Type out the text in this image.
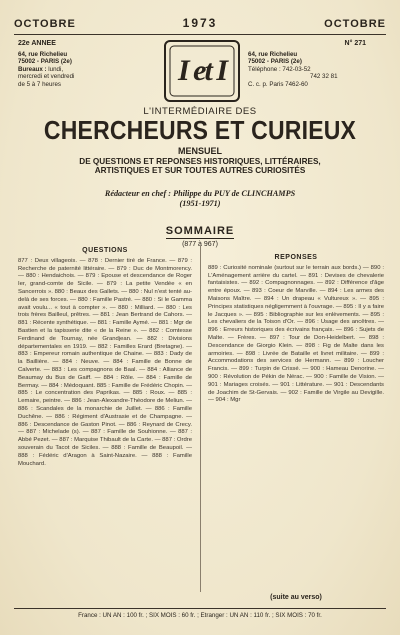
OCTOBRE	1973	OCTOBRE
22e ANNEE
64, rue Richelieu
75002 - PARIS (2e)
Bureaux : lundi,
mercredi et vendredi
de 5 à 7 heures	I et I
N° 271
64, rue Richelieu
75002 - PARIS (2e)
Téléphone : 742-03-52
742 32 81
C. c. p. Paris 7462-60
L'INTERMÉDIAIRE DES
CHERCHEURS ET CURIEUX
MENSUEL
DE QUESTIONS ET REPONSES HISTORIQUES, LITTÉRAIRES,
ARTISTIQUES ET SUR TOUTES AUTRES CURIOSITÉS
Rédacteur en chef : Philippe du PUY de CLINCHAMPS
(1951-1971)
SOMMAIRE
(877 à 967)
QUESTIONS
877 : Deux villageois. — 878 : Dernier tiré de France. — 879 : Recherche de paternité littéraire. — 879 : Duc de Montmorency. — 880 : Hendaichois. — 879 : Epouse et descendance de Roger Ier, grand-comte de Sicile. — 879 : La petite Vendée « en Sancerrois ». 880 : Beaux des Gallets. — 880 : Nul n'est tenté au-delà de ses forces. — 880 : Famille Pastré. — 880 : Si le Gamma avait voulu... « tout à compter ». — 880 : Milliard. — 880 : Les trois frères Bailleul, prêtres. — 881 : Jean Bertrand de Cahors. — 881 : Récente synthétique. — 881 : Famille Aymé. — 881 : Mgr de Bastien et la tapisserie dite « de la Reine ». — 882 : Comtesse Ferdinand de Tournay, née Grandjean. — 882 : Divisions départementales en 1919. — 882 : Familles Erard (Bretagne). — 883 : Empereur romain authentique de Chaine. — 883 : Dady de la Baillière. — 884 : Neuve. — 884 : Famille de Bonne de Calverte. — 883 : Les compagnons de Baal. — 884 : Alliance de Beaumay du Bus de Gaiff. — 884 : Rôle. — 884 : Famille de Bermay. — 884 : Médoquant. 885 : Famille de Frédéric Chopin. — 885 : Le concentration des Paprikas. — 885 : Roux. — 885 : Lemaire, peintre. — 886 : Jean-Alexandre-Théodore de Meliun. — 886 : Scandales de la monarchie de Juillet. — 886 : Famille Duchêne. — 886 : Régiment d'Austrasie et de Champagne. — 886 : Descendance de Gaston Pinot. — 886 : Reynard de Crecy. — 887 : Michelade (s). — 887 : Famille de Souhionne. — 887 : Abbé Pezet. — 887 : Marquise Thibault de la Carte. — 887 : Ordre souverain du Tacot de Siciles. — 888 : Famille de Beaupoil. — 888 : Fédéric d'Aragon à Saint-Nazaire. — 888 : Famille Mouchard.
REPONSES
889 : Curiosité nominale (surtout sur le terrain aux bords.) — 890 : L'Aménagement arrière du cartel. — 891 : Devises de chevalerie fantaisistes. — 892 : Compagnonnages. — 892 : Différence d'âge entre époux. — 893 : Coeur de Marville. — 894 : Les armes des Maisons Maître. — 894 : Un drapeau « Vultureux ». — 895 : Principes statistiques négligemment à l'ouvrage. — 895 : Il y a faire le Jacques ». — 895 : Bibliographie sur les enlèvements. — 895 : Les chevaliers de la Toison d'Or. — 896 : Usage des ancêtres. — 896 : Erreurs historiques des écrivains français. — 896 : Sujets de Malte. — Frères. — 897 : Tour de Don-Heidelbert. — 898 : Descendance de Giorgio Klein. — 898 : Fig de Malte dans les armoiries. — 898 : Livrée de Bataille et livret militaire. — 899 : Accommodations des services de Hermann. — 899 : Loucher Francis. — 899 : Turpin de Crissé. — 900 : Hameau Denorine. — 900 : Révolution de Pékin de Nérac. — 900 : Famille de Vision. — 901 : Mariages croisés. — 901 : Littérature. — 901 : Descendants de Joachim de St-Gervais. — 902 : Famille de Virgile au Devigille. — 904 : Mgr
(suite au verso)
France : UN AN : 100 fr. ; SIX MOIS : 60 fr. ; Etranger : UN AN : 110 fr. ; SIX MOIS : 70 fr.
